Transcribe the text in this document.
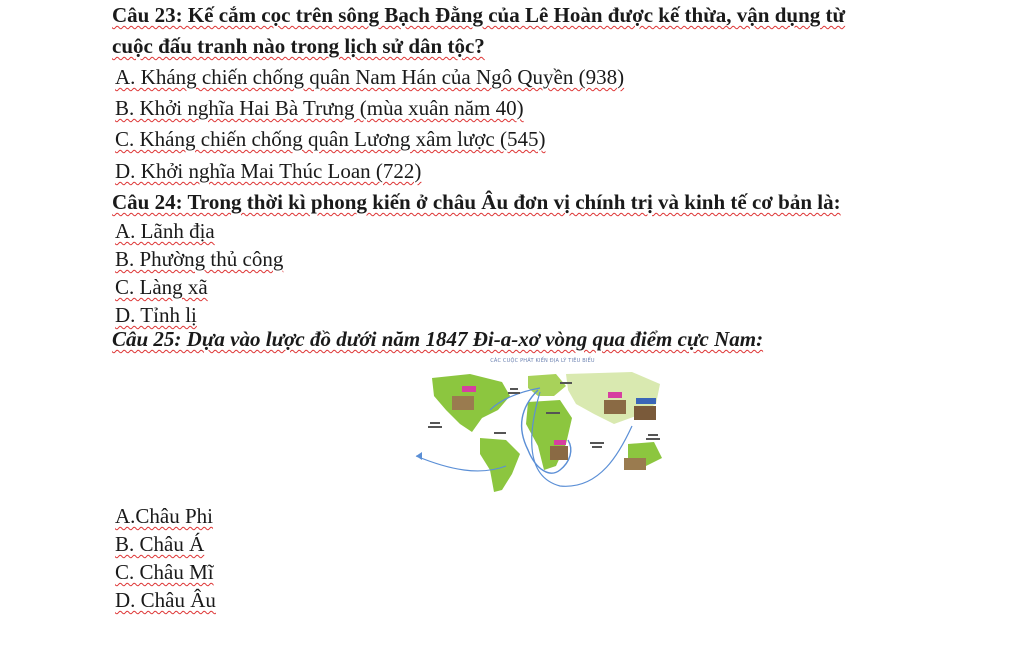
Câu 23: Kế cắm cọc trên sông Bạch Đằng của Lê Hoàn được kế thừa, vận dụng từ
cuộc đấu tranh nào trong lịch sử dân tộc?
A. Kháng chiến chống quân Nam Hán của Ngô Quyền (938)
B. Khởi nghĩa Hai Bà Trưng (mùa xuân năm 40)
C. Kháng chiến chống quân Lương xâm lược (545)
D. Khởi nghĩa Mai Thúc Loan (722)
Câu 24: Trong thời kì phong kiến ở châu Âu đơn vị chính trị và kinh tế cơ bản là:
A. Lãnh địa
B. Phường thủ công
C. Làng xã
D. Tỉnh lị
Câu 25: Dựa vào lược đồ dưới năm 1847 Đi-a-xơ vòng qua điểm cực Nam:
CÁC CUỘC PHÁT KIẾN ĐỊA LÝ TIÊU BIỂU
A.Châu Phi
B. Châu Á
C. Châu Mĩ
D. Châu Âu
